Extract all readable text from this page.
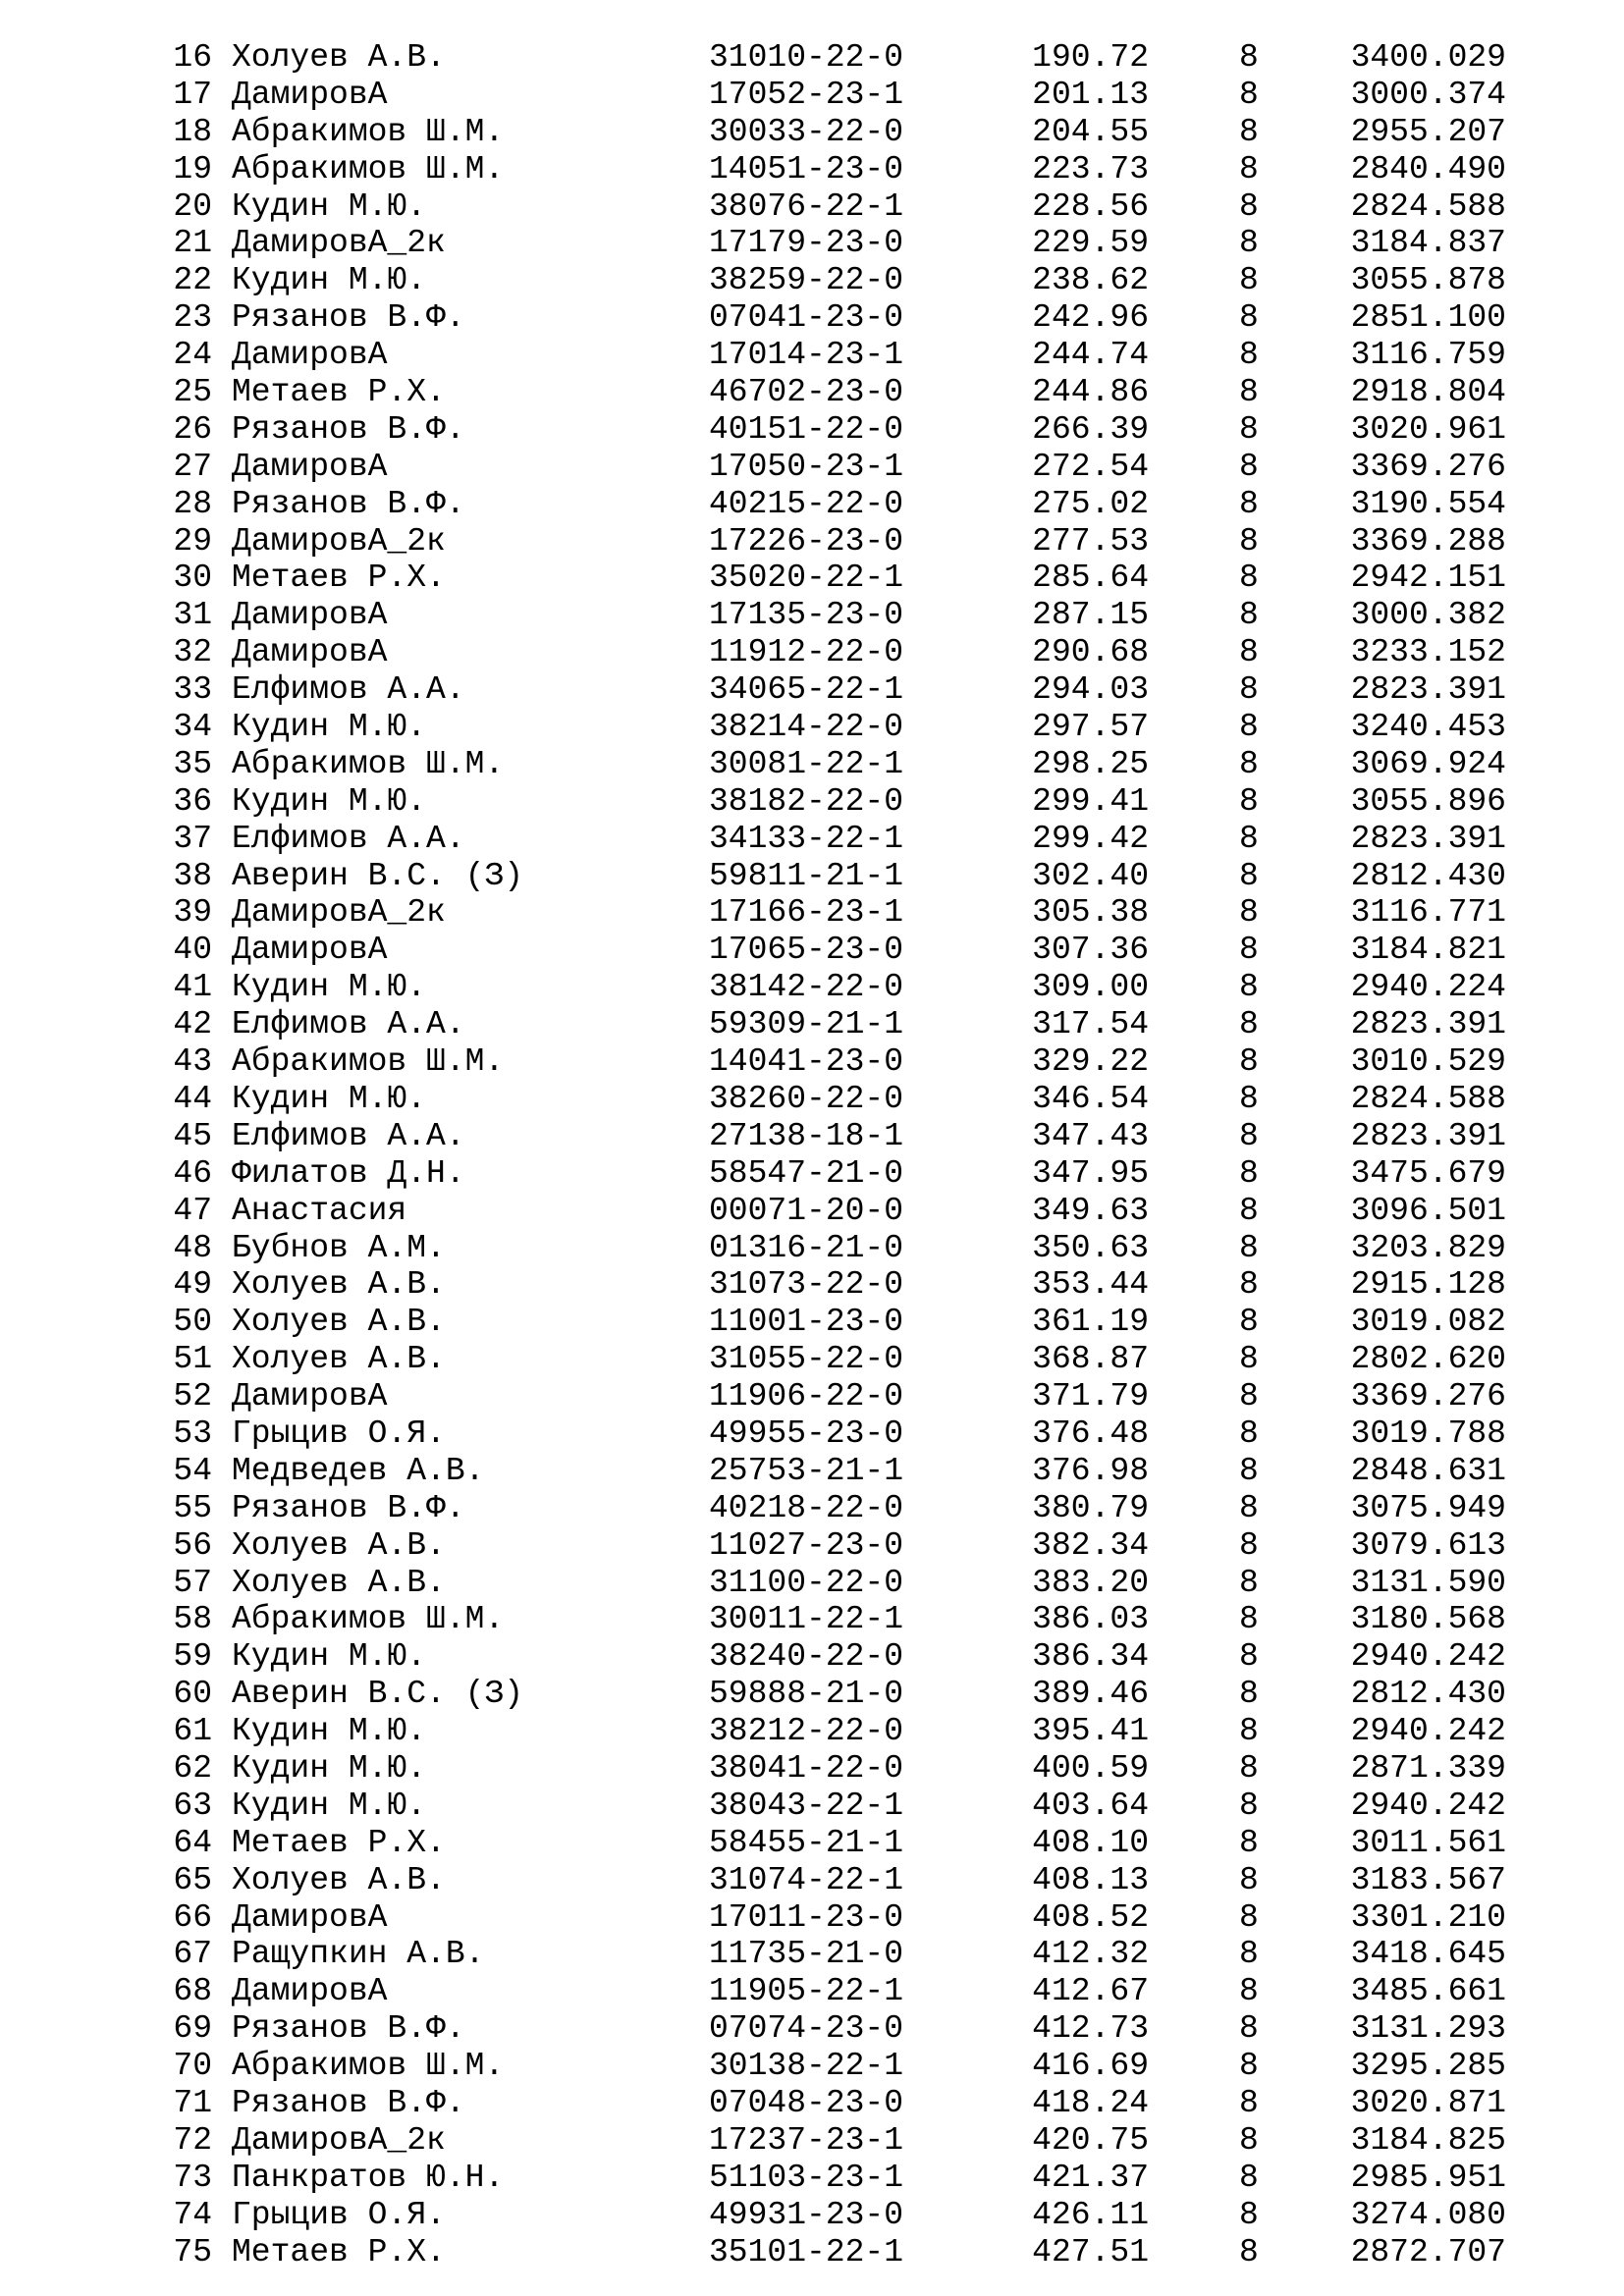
16 Холуев А.В.	31010-22-0	190.72	8	3400.029
17 ДамировА	17052-23-1	201.13	8	3000.374
18 Абракимов Ш.М.	30033-22-0	204.55	8	2955.207
19 Абракимов Ш.М.	14051-23-0	223.73	8	2840.490
20 Кудин М.Ю.	38076-22-1	228.56	8	2824.588
21 ДамировА_2к	17179-23-0	229.59	8	3184.837
22 Кудин М.Ю.	38259-22-0	238.62	8	3055.878
23 Рязанов В.Ф.	07041-23-0	242.96	8	2851.100
24 ДамировА	17014-23-1	244.74	8	3116.759
25 Метаев Р.Х.	46702-23-0	244.86	8	2918.804
26 Рязанов В.Ф.	40151-22-0	266.39	8	3020.961
27 ДамировА	17050-23-1	272.54	8	3369.276
28 Рязанов В.Ф.	40215-22-0	275.02	8	3190.554
29 ДамировА_2к	17226-23-0	277.53	8	3369.288
30 Метаев Р.Х.	35020-22-1	285.64	8	2942.151
31 ДамировА	17135-23-0	287.15	8	3000.382
32 ДамировА	11912-22-0	290.68	8	3233.152
33 Елфимов А.А.	34065-22-1	294.03	8	2823.391
34 Кудин М.Ю.	38214-22-0	297.57	8	3240.453
35 Абракимов Ш.М.	30081-22-1	298.25	8	3069.924
36 Кудин М.Ю.	38182-22-0	299.41	8	3055.896
37 Елфимов А.А.	34133-22-1	299.42	8	2823.391
38 Аверин В.С. (З)	59811-21-1	302.40	8	2812.430
39 ДамировА_2к	17166-23-1	305.38	8	3116.771
40 ДамировА	17065-23-0	307.36	8	3184.821
41 Кудин М.Ю.	38142-22-0	309.00	8	2940.224
42 Елфимов А.А.	59309-21-1	317.54	8	2823.391
43 Абракимов Ш.М.	14041-23-0	329.22	8	3010.529
44 Кудин М.Ю.	38260-22-0	346.54	8	2824.588
45 Елфимов А.А.	27138-18-1	347.43	8	2823.391
46 Филатов Д.Н.	58547-21-0	347.95	8	3475.679
47 Анастасия	00071-20-0	349.63	8	3096.501
48 Бубнов А.М.	01316-21-0	350.63	8	3203.829
49 Холуев А.В.	31073-22-0	353.44	8	2915.128
50 Холуев А.В.	11001-23-0	361.19	8	3019.082
51 Холуев А.В.	31055-22-0	368.87	8	2802.620
52 ДамировА	11906-22-0	371.79	8	3369.276
53 Грыцив О.Я.	49955-23-0	376.48	8	3019.788
54 Медведев А.В.	25753-21-1	376.98	8	2848.631
55 Рязанов В.Ф.	40218-22-0	380.79	8	3075.949
56 Холуев А.В.	11027-23-0	382.34	8	3079.613
57 Холуев А.В.	31100-22-0	383.20	8	3131.590
58 Абракимов Ш.М.	30011-22-1	386.03	8	3180.568
59 Кудин М.Ю.	38240-22-0	386.34	8	2940.242
60 Аверин В.С. (З)	59888-21-0	389.46	8	2812.430
61 Кудин М.Ю.	38212-22-0	395.41	8	2940.242
62 Кудин М.Ю.	38041-22-0	400.59	8	2871.339
63 Кудин М.Ю.	38043-22-1	403.64	8	2940.242
64 Метаев Р.Х.	58455-21-1	408.10	8	3011.561
65 Холуев А.В.	31074-22-1	408.13	8	3183.567
66 ДамировА	17011-23-0	408.52	8	3301.210
67 Ращупкин А.В.	11735-21-0	412.32	8	3418.645
68 ДамировА	11905-22-1	412.67	8	3485.661
69 Рязанов В.Ф.	07074-23-0	412.73	8	3131.293
70 Абракимов Ш.М.	30138-22-1	416.69	8	3295.285
71 Рязанов В.Ф.	07048-23-0	418.24	8	3020.871
72 ДамировА_2к	17237-23-1	420.75	8	3184.825
73 Панкратов Ю.Н.	51103-23-1	421.37	8	2985.951
74 Грыцив О.Я.	49931-23-0	426.11	8	3274.080
75 Метаев Р.Х.	35101-22-1	427.51	8	2872.707
